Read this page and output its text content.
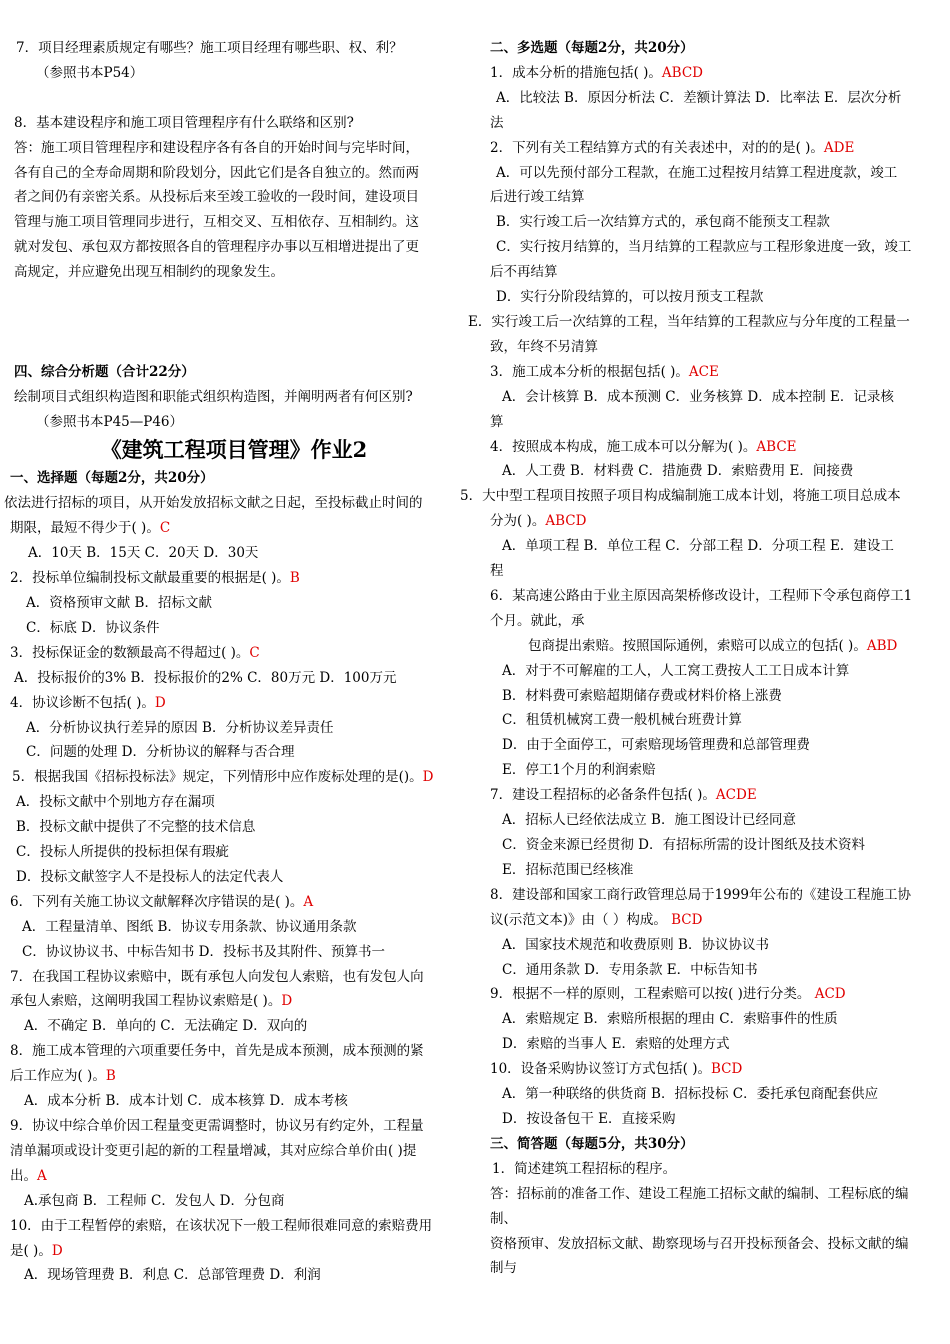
7．项目经理素质规定有哪些？施工项目经理有哪些职、权、利？
（参照书本P54）
8．基本建设程序和施工项目管理程序有什么联络和区别?
答：施工项目管理程序和建设程序各有各自的开始时间与完毕时间，
各有自己的全寿命周期和阶段划分，因此它们是各自独立的。然而两
者之间仍有亲密关系。从投标后来至竣工验收的一段时间，建设项目
管理与施工项目管理同步进行，互相交叉、互相依存、互相制约。这
就对发包、承包双方都按照各自的管理程序办事以互相增进提出了更
高规定，并应避免出现互相制约的现象发生。
四、综合分析题（合计22分）
绘制项目式组织构造图和职能式组织构造图，并阐明两者有何区别?
（参照书本P45—P46）
《建筑工程项目管理》作业2
一、选择题（每题2分，共20分）
依法进行招标的项目，从开始发放招标文献之日起，至投标截止时间的
期限，最短不得少于( )。C
A．10天 B．15天 C．20天 D．30天
2．投标单位编制投标文献最重要的根据是( )。B
A．资格预审文献 B．招标文献
C．标底 D．协议条件
3．投标保证金的数额最高不得超过( )。C
A．投标报价的3% B．投标报价的2% C．80万元 D．100万元
4．协议诊断不包括( )。D
A．分析协议执行差异的原因 B．分析协议差异责任
C．问题的处理 D．分析协议的解释与否合理
5．根据我国《招标投标法》规定，下列情形中应作废标处理的是()。D
A．投标文献中个别地方存在漏项
B．投标文献中提供了不完整的技术信息
C．投标人所提供的投标担保有瑕疵
D．投标文献签字人不是投标人的法定代表人
6．下列有关施工协议文献解释次序错误的是( )。A
A．工程量清单、图纸 B．协议专用条款、协议通用条款
C．协议协议书、中标告知书 D．投标书及其附件、预算书一
7．在我国工程协议索赔中，既有承包人向发包人索赔，也有发包人向
承包人索赔，这阐明我国工程协议索赔是( )。D
A．不确定 B．单向的 C．无法确定 D．双向的
8．施工成本管理的六项重要任务中，首先是成本预测，成本预测的紧
后工作应为( )。B
A．成本分析 B．成本计划 C．成本核算 D．成本考核
9．协议中综合单价因工程量变更需调整时，协议另有约定外，工程量
清单漏项或设计变更引起的新的工程量增减，其对应综合单价由( )提
出。A
A.承包商 B．工程师 C．发包人 D．分包商
10．由于工程暂停的索赔，在该状况下一般工程师很难同意的索赔费用
是( )。D
A．现场管理费 B．利息 C．总部管理费 D．利润
二、多选题（每题2分，共20分）
1．成本分析的措施包括( )。ABCD
A．比较法 B．原因分析法 C．差额计算法 D．比率法 E．层次分析
法
2．下列有关工程结算方式的有关表述中，对的的是( )。ADE
A．可以先预付部分工程款，在施工过程按月结算工程进度款，竣工
后进行竣工结算
B．实行竣工后一次结算方式的，承包商不能预支工程款
C．实行按月结算的，当月结算的工程款应与工程形象进度一致，竣工
后不再结算
D．实行分阶段结算的，可以按月预支工程款
E．实行竣工后一次结算的工程，当年结算的工程款应与分年度的工程量一
致，年终不另清算
3．施工成本分析的根据包括( )。ACE
A．会计核算 B．成本预测 C．业务核算 D．成本控制 E．记录核
算
4．按照成本构成，施工成本可以分解为( )。ABCE
A．人工费 B．材料费 C．措施费 D．索赔费用 E．间接费
5．大中型工程项目按照子项目构成编制施工成本计划，将施工项目总成本
分为( )。ABCD
A．单项工程 B．单位工程 C．分部工程 D．分项工程 E．建设工
程
6．某高速公路由于业主原因高架桥修改设计，工程师下令承包商停工1
个月。就此，承
包商提出索赔。按照国际通例，索赔可以成立的包括( )。ABD
A．对于不可解雇的工人，人工窝工费按人工工日成本计算
B．材料费可索赔超期储存费或材料价格上涨费
C．租赁机械窝工费一般机械台班费计算
D．由于全面停工，可索赔现场管理费和总部管理费
E．停工1个月的利润索赔
7．建设工程招标的必备条件包括( )。ACDE
A．招标人已经依法成立 B．施工图设计已经同意
C．资金来源已经贯彻 D．有招标所需的设计图纸及技术资料
E．招标范围已经核准
8．建设部和国家工商行政管理总局于1999年公布的《建设工程施工协
议(示范文本)》由（ ）构成。 BCD
A．国家技术规范和收费原则 B．协议协议书
C．通用条款 D．专用条款 E．中标告知书
9．根据不一样的原则，工程索赔可以按( )进行分类。 ACD
A．索赔规定 B．索赔所根据的理由 C．索赔事件的性质
D．索赔的当事人 E．索赔的处理方式
10．设备采购协议签订方式包括( )。BCD
A．第一种联络的供货商 B．招标投标 C．委托承包商配套供应
D．按设备包干 E．直接采购
三、简答题（每题5分，共30分）
1．简述建筑工程招标的程序。
答：招标前的准备工作、建设工程施工招标文献的编制、工程标底的编
制、
资格预审、发放招标文献、勘察现场与召开投标预备会、投标文献的编
制与
